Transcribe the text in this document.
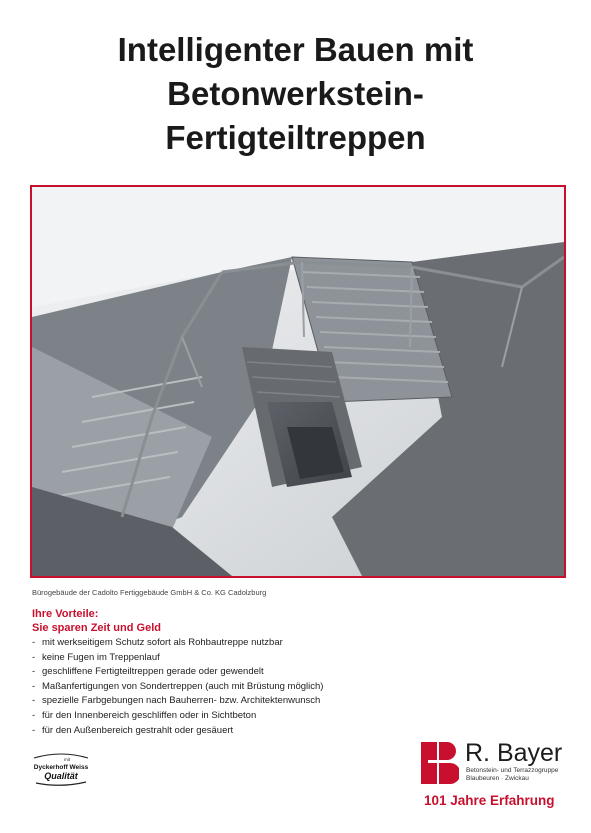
Intelligenter Bauen mit
Betonwerkstein-
Fertigteiltreppen
Bürogebäude der Cadolto Fertiggebäude GmbH & Co. KG Cadolzburg
Ihre Vorteile:
Sie sparen Zeit und Geld
- mit werkseitigem Schutz sofort als Rohbautreppe nutzbar
- keine Fugen im Treppenlauf
- geschliffene Fertigteiltreppen gerade oder gewendelt
- Maßanfertigungen von Sondertreppen (auch mit Brüstung möglich)
- spezielle Farbgebungen nach Bauherren- bzw. Architektenwunsch
- für den Innenbereich geschliffen oder in Sichtbeton
- für den Außenbereich gestrahlt oder gesäuert
mit
Dyckerhoff Weiss
Qualität
R. Bayer
Betonstein- und Terrazzogruppe
Blaubeuren · Zwickau
101 Jahre Erfahrung
